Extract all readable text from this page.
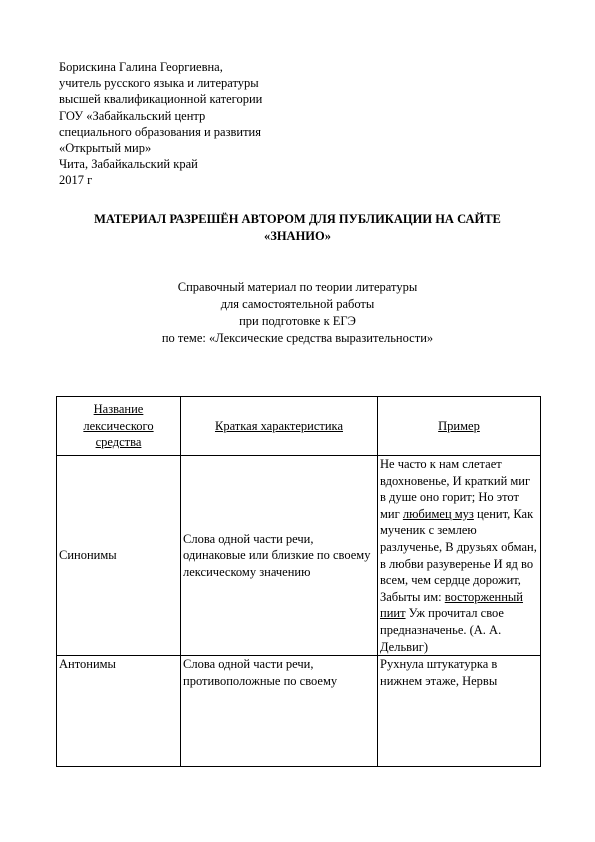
Борискина Галина Георгиевна,
учитель русского языка и литературы
высшей квалификационной категории
ГОУ «Забайкальский центр
специального образования и развития
«Открытый мир»
Чита, Забайкальский край
2017 г
МАТЕРИАЛ РАЗРЕШЁН АВТОРОМ ДЛЯ ПУБЛИКАЦИИ НА САЙТЕ
«ЗНАНИО»
Справочный материал по теории литературы
для самостоятельной работы
при подготовке к ЕГЭ
по теме: «Лексические средства выразительности»
Название лексического средства	Краткая характеристика	Пример
Синонимы	Слова одной части речи, одинаковые или близкие по своему лексическому значению	Не часто к нам слетает вдохновенье, И краткий миг в душе оно горит; Но этот миг любимец муз ценит, Как мученик с землею разлученье, В друзьях обман, в любви разуверенье И яд во всем, чем сердце дорожит, Забыты им: восторженный пиит Уж прочитал свое предназначенье. (А. А. Дельвиг)
Антонимы	Слова одной части речи, противоположные по своему	Рухнула штукатурка в нижнем этаже, Нервы
